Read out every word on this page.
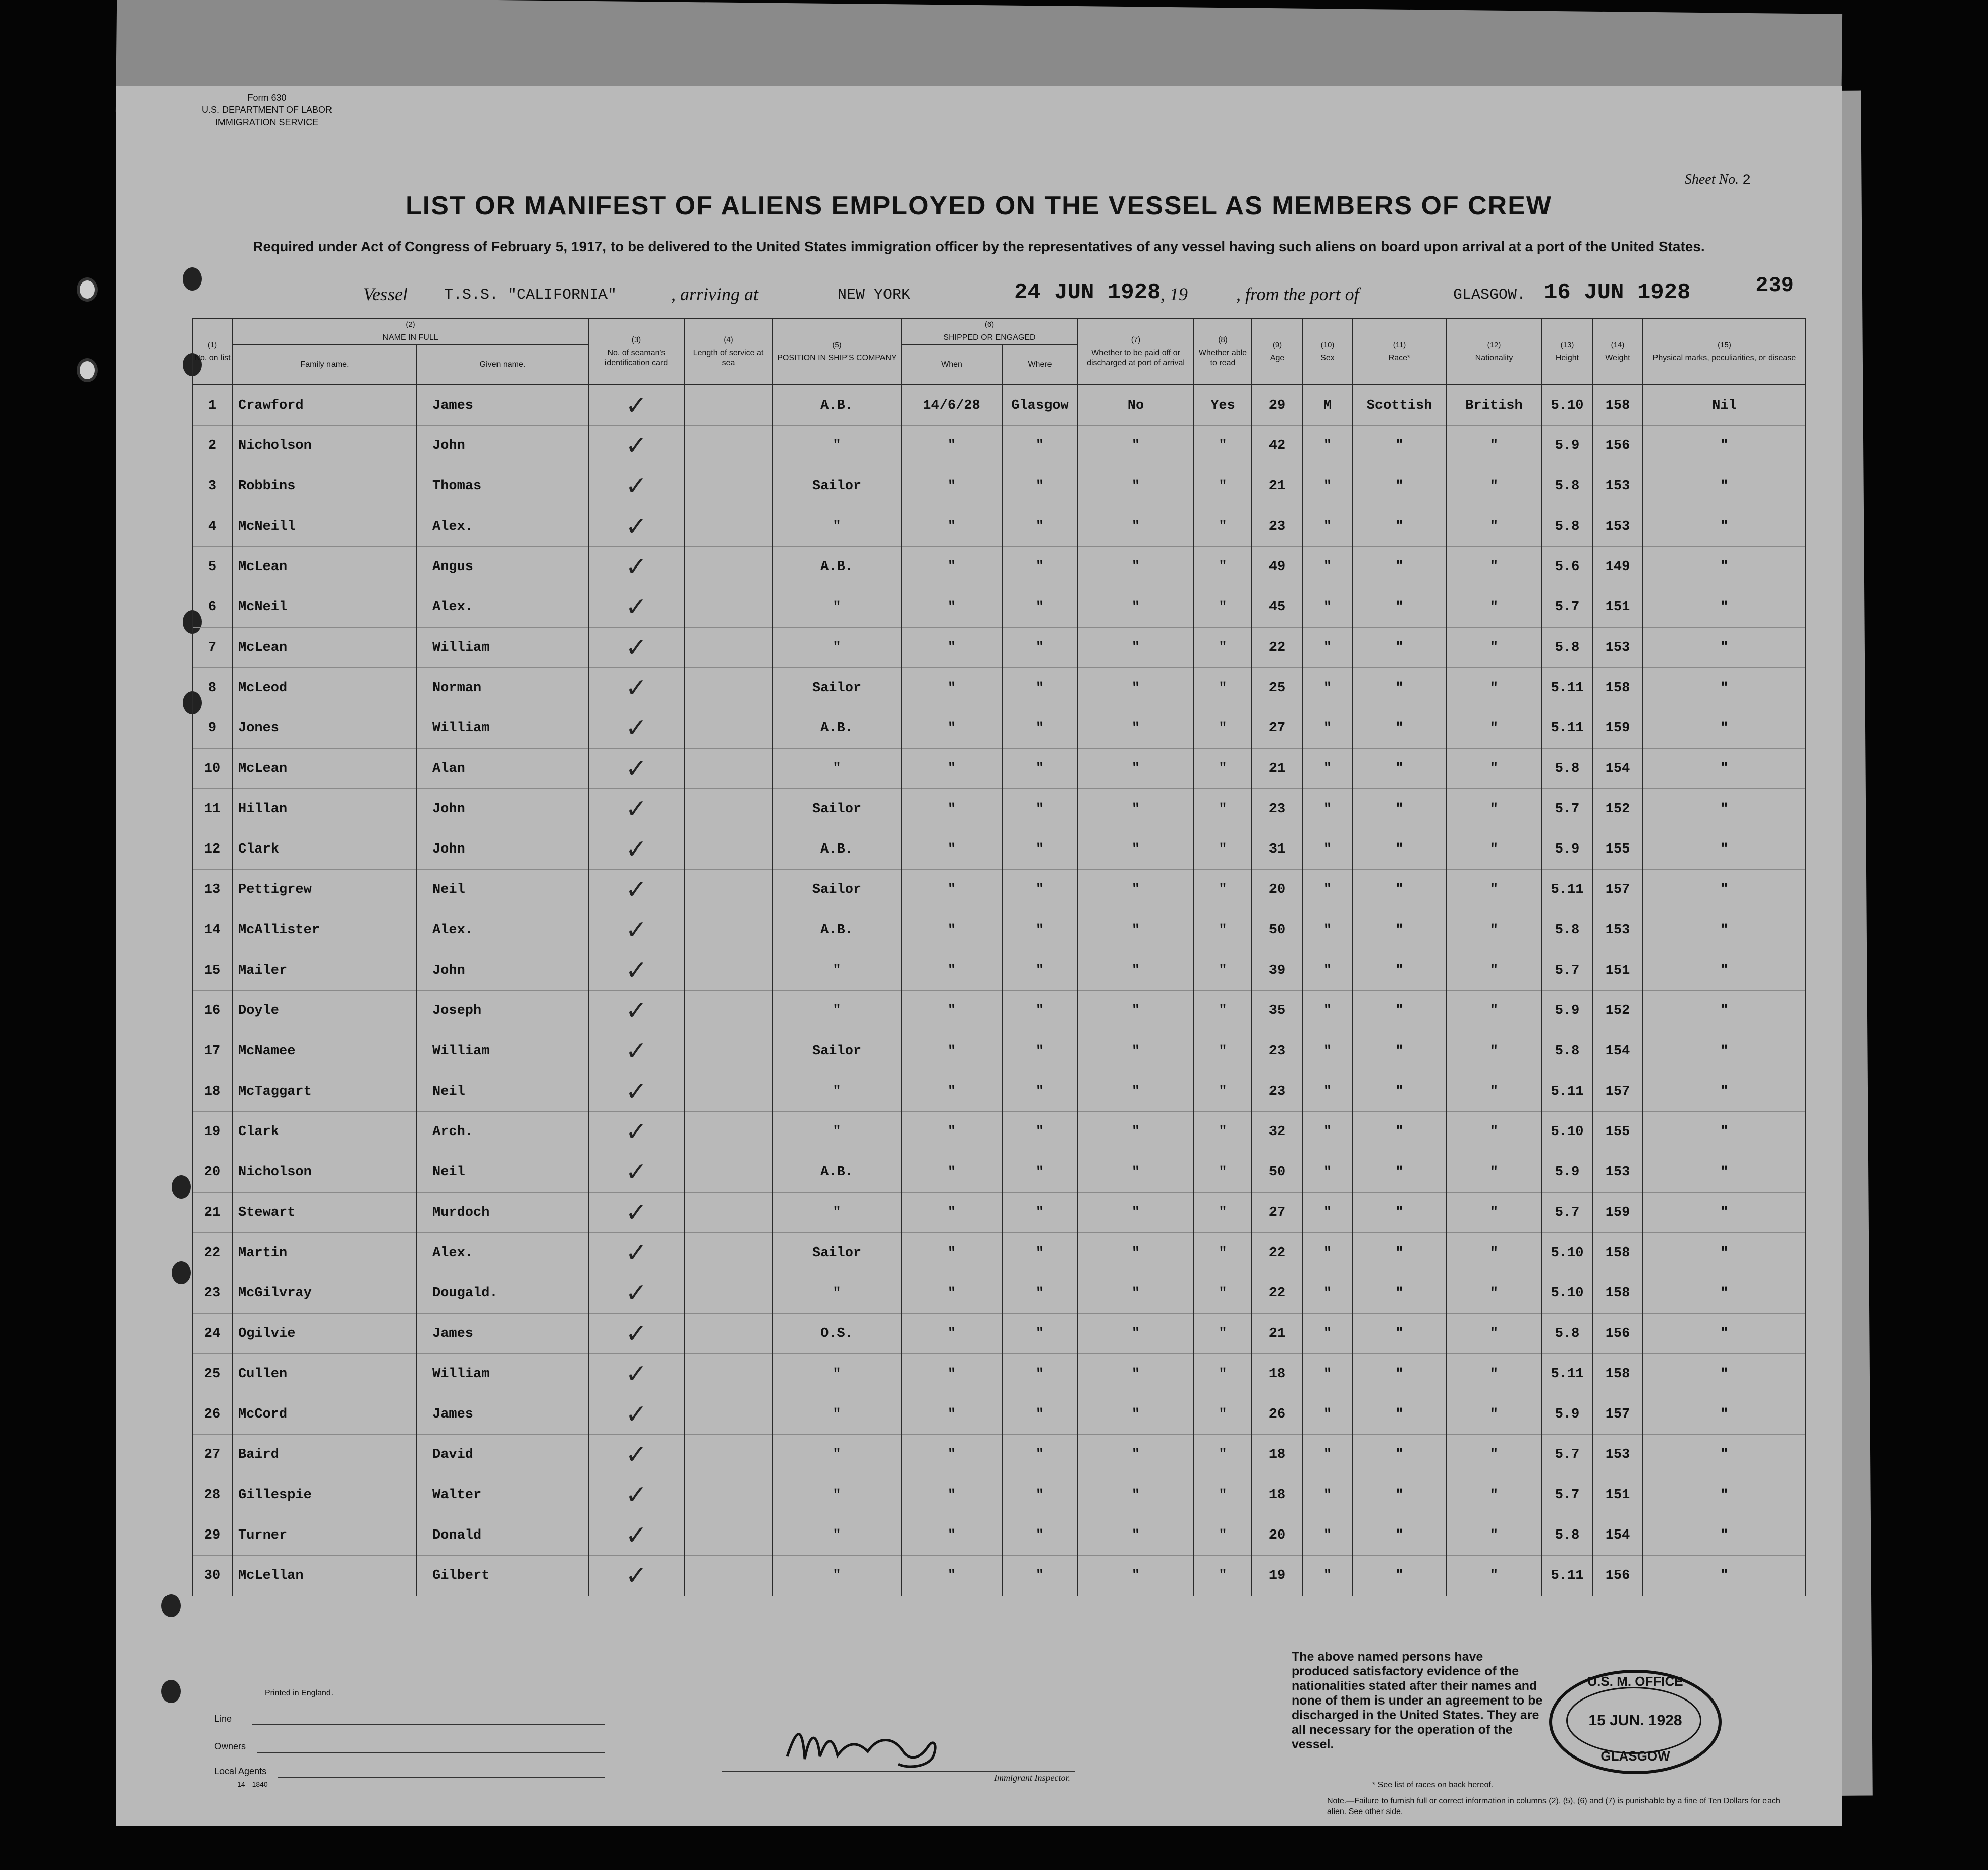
Form 630
U.S. DEPARTMENT OF LABOR
IMMIGRATION SERVICE
Sheet No. 2
239
LIST OR MANIFEST OF ALIENS EMPLOYED ON THE VESSEL AS MEMBERS OF CREW
Required under Act of Congress of February 5, 1917, to be delivered to the United States immigration officer by the representatives of any vessel having such aliens on board upon arrival at a port of the United States.
Vessel T.S.S. "CALIFORNIA"	, arriving at	NEW YORK	24 JUN 1928 , 19	, from the port of	GLASGOW. 16 JUN 1928
(1)
No. on list	(2)
NAME IN FULL		(3)
No. of seaman's identification card	(4)
Length of service at sea	(5)
POSITION IN SHIP'S COMPANY	(6)
SHIPPED OR ENGAGED		(7)
Whether to be paid off or discharged at port of arrival	(8)
Whether able to read	(9)
Age	(10)
Sex	(11)
Race*	(12)
Nationality	(13)
Height	(14)
Weight	(15)
Physical marks, peculiarities, or disease
	Family name.	Given name.				When	Where									
1	Crawford	James	✓		A.B.	14/6/28	Glasgow	No	Yes	29	M	Scottish	British	5.10	158	Nil
2	Nicholson	John	✓		"	"	"	"	"	42	"	"	"	5.9	156	"
3	Robbins	Thomas	✓		Sailor	"	"	"	"	21	"	"	"	5.8	153	"
4	McNeill	Alex.	✓		"	"	"	"	"	23	"	"	"	5.8	153	"
5	McLean	Angus	✓		A.B.	"	"	"	"	49	"	"	"	5.6	149	"
6	McNeil	Alex.	✓		"	"	"	"	"	45	"	"	"	5.7	151	"
7	McLean	William	✓		"	"	"	"	"	22	"	"	"	5.8	153	"
8	McLeod	Norman	✓		Sailor	"	"	"	"	25	"	"	"	5.11	158	"
9	Jones	William	✓		A.B.	"	"	"	"	27	"	"	"	5.11	159	"
10	McLean	Alan	✓		"	"	"	"	"	21	"	"	"	5.8	154	"
11	Hillan	John	✓		Sailor	"	"	"	"	23	"	"	"	5.7	152	"
12	Clark	John	✓		A.B.	"	"	"	"	31	"	"	"	5.9	155	"
13	Pettigrew	Neil	✓		Sailor	"	"	"	"	20	"	"	"	5.11	157	"
14	McAllister	Alex.	✓		A.B.	"	"	"	"	50	"	"	"	5.8	153	"
15	Mailer	John	✓		"	"	"	"	"	39	"	"	"	5.7	151	"
16	Doyle	Joseph	✓		"	"	"	"	"	35	"	"	"	5.9	152	"
17	McNamee	William	✓		Sailor	"	"	"	"	23	"	"	"	5.8	154	"
18	McTaggart	Neil	✓		"	"	"	"	"	23	"	"	"	5.11	157	"
19	Clark	Arch.	✓		"	"	"	"	"	32	"	"	"	5.10	155	"
20	Nicholson	Neil	✓		A.B.	"	"	"	"	50	"	"	"	5.9	153	"
21	Stewart	Murdoch	✓		"	"	"	"	"	27	"	"	"	5.7	159	"
22	Martin	Alex.	✓		Sailor	"	"	"	"	22	"	"	"	5.10	158	"
23	McGilvray	Dougald.	✓		"	"	"	"	"	22	"	"	"	5.10	158	"
24	Ogilvie	James	✓		O.S.	"	"	"	"	21	"	"	"	5.8	156	"
25	Cullen	William	✓		"	"	"	"	"	18	"	"	"	5.11	158	"
26	McCord	James	✓		"	"	"	"	"	26	"	"	"	5.9	157	"
27	Baird	David	✓		"	"	"	"	"	18	"	"	"	5.7	153	"
28	Gillespie	Walter	✓		"	"	"	"	"	18	"	"	"	5.7	151	"
29	Turner	Donald	✓		"	"	"	"	"	20	"	"	"	5.8	154	"
30	McLellan	Gilbert	✓		"	"	"	"	"	19	"	"	"	5.11	156	"
Printed in England.
Line
Owners
Local Agents
14—1840
Immigrant Inspector.
The above named persons have produced satisfactory evidence of the nationalities stated after their names and none of them is under an agreement to be discharged in the United States. They are all necessary for the operation of the vessel.
U.S. M. OFFICE
15 JUN. 1928
GLASGOW
* See list of races on back hereof.
Note.—Failure to furnish full or correct information in columns (2), (5), (6) and (7) is punishable by a fine of Ten Dollars for each alien. See other side.
